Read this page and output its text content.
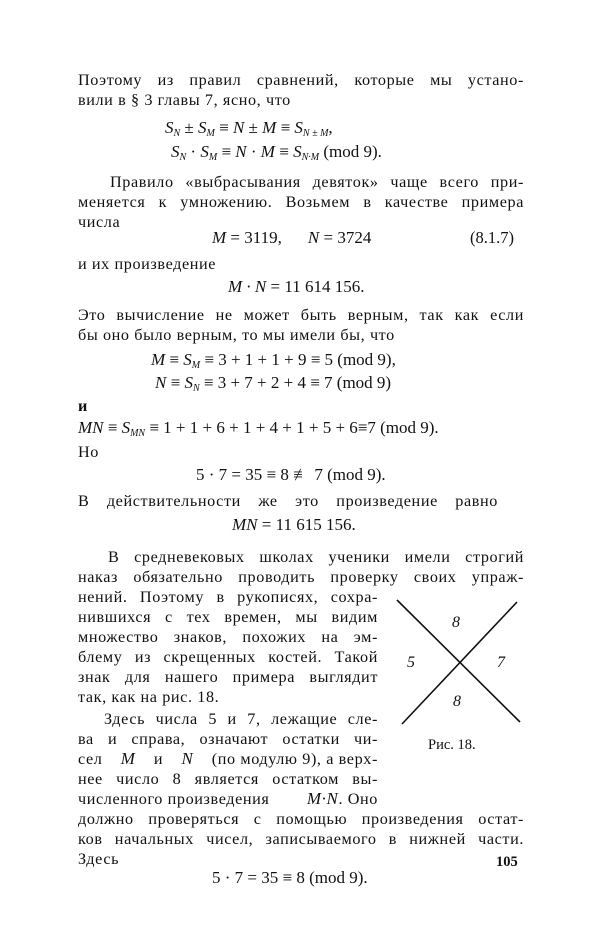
Поэтому из правил сравнений, которые мы устано-
вили в § 3 главы 7, ясно, что
$S_N \pm S_M \equiv N \pm M \equiv S_{N \pm M}$,
$S_N \cdot S_M \equiv N \cdot M \equiv S_{N\cdot M}$ (mod 9).
Правило «выбрасывания девяток» чаще всего при-
меняется к умножению. Возьмем в качестве примера
числа
M = 3119, N = 3724	(8.1.7)
и их произведение
M · N = 11 614 156.
Это вычисление не может быть верным, так как если
бы оно было верным, то мы имели бы, что
$M \equiv S_M \equiv 3 + 1 + 1 + 9 \equiv 5$ (mod 9),
$N \equiv S_N \equiv 3 + 7 + 2 + 4 \equiv 7$ (mod 9)
и
MN ≡ $S_{MN} \equiv 1 + 1 + 6 + 1 + 4 + 1 + 5 + 6\equiv 7$ (mod 9).
Но
5 · 7 = 35 ≡ 8 ≢ 7 (mod 9).
В действительности же это произведение равно
MN = 11 615 156.
В средневековых школах ученики имели строгий
наказ обязательно проводить проверку своих упраж-
нений. Поэтому в рукописях, сохра-
нившихся с тех времен, мы видим
множество знаков, похожих на эм-
блему из скрещенных костей. Такой
знак для нашего примера выглядит
так, как на рис. 18.
Здесь числа 5 и 7, лежащие сле-
ва и справа, означают остатки чи-
сел M и N (по модулю 9), а верх-
нее число 8 является остатком вы-
численного произведения M·N. Оно
должно проверяться с помощью произведения остат-
ков начальных чисел, записываемого в нижней части.
Здесь
5 · 7 = 35 ≡ 8 (mod 9).
8
5	7
8
Рис. 18.
105
